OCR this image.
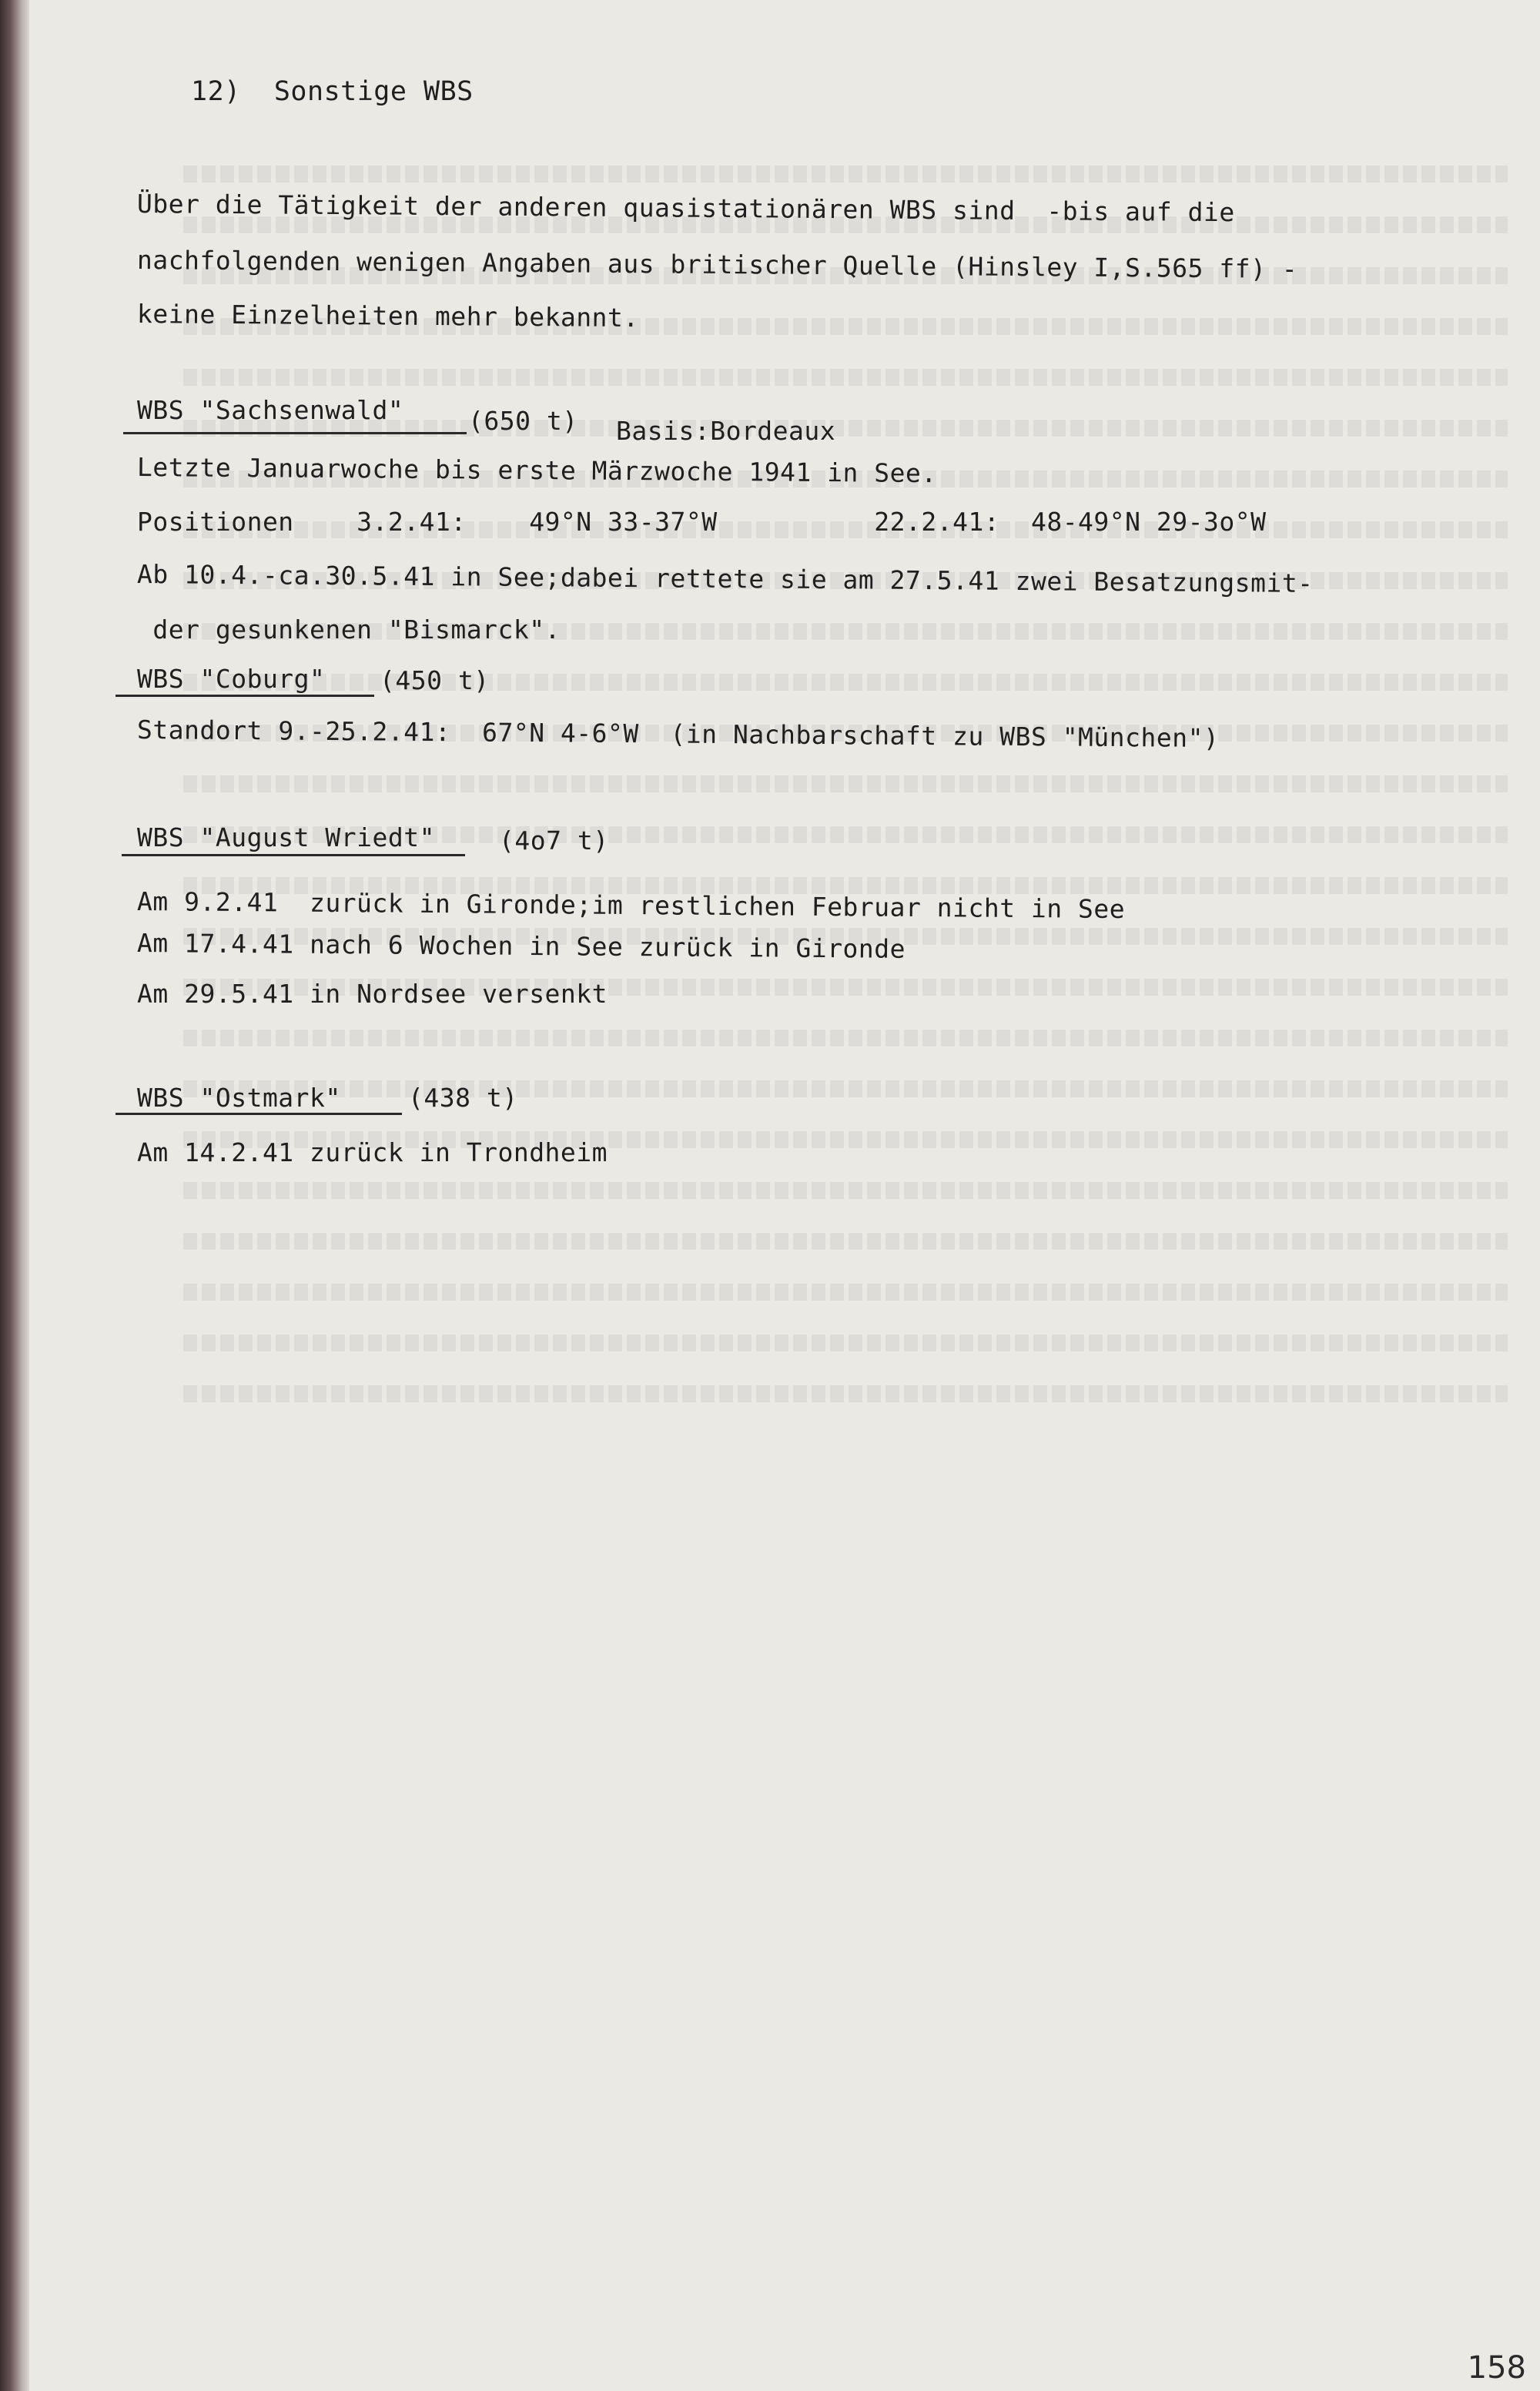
12)  Sonstige WBS
Über die Tätigkeit der anderen quasistationären WBS sind  -bis auf die
nachfolgenden wenigen Angaben aus britischer Quelle (Hinsley I,S.565 ff) -
keine Einzelheiten mehr bekannt.
WBS "Sachsenwald"	(650 t) Basis:Bordeaux
Letzte Januarwoche bis erste Märzwoche 1941 in See.
Positionen    3.2.41:    49°N 33-37°W          22.2.41:  48-49°N 29-3o°W
Ab 10.4.-ca.30.5.41 in See;dabei rettete sie am 27.5.41 zwei Besatzungsmit-
der gesunkenen "Bismarck".
WBS "Coburg" (450 t)
Standort 9.-25.2.41:  67°N 4-6°W  (in Nachbarschaft zu WBS "München")
WBS "August Wriedt"	(4o7 t)
Am 9.2.41  zurück in Gironde;im restlichen Februar nicht in See
Am 17.4.41 nach 6 Wochen in See zurück in Gironde
Am 29.5.41 in Nordsee versenkt
WBS "Ostmark"	(438 t)
Am 14.2.41 zurück in Trondheim
158
